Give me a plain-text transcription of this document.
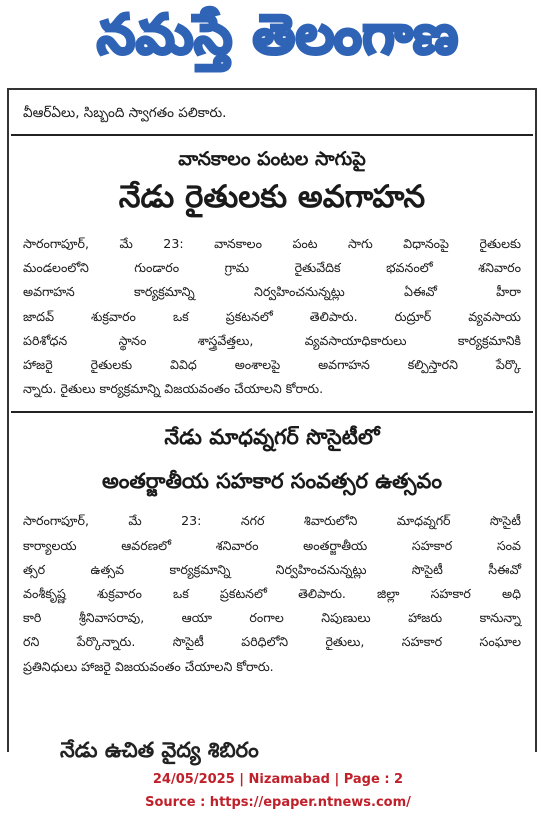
నమస్తే తెలంగాణ

వీఆర్ఏలు, సిబ్బంది స్వాగతం పలికారు.

వానకాలం పంటల సాగుపై
నేడు రైతులకు అవగాహన

సారంగాపూర్, మే 23: వానకాలం పంట సాగు విధానంపై రైతులకు

మండలంలోని గుండారం గ్రామ రైతువేదిక భవనంలో శనివారం

అవగాహన కార్యక్రమాన్ని నిర్వహించనున్నట్లు ఏఈవో హీరా

జాదవ్ శుక్రవారం ఒక ప్రకటనలో తెలిపారు. రుద్రూర్ వ్యవసాయ

పరిశోధన స్థానం శాస్త్రవేత్తలు, వ్యవసాయాధికారులు కార్యక్రమానికి

హాజరై రైతులకు వివిధ అంశాలపై అవగాహన కల్పిస్తారని పేర్కొ

న్నారు. రైతులు కార్యక్రమాన్ని విజయవంతం చేయాలని కోరారు.

నేడు మాధవ్నగర్ సొసైటీలో
అంతర్జాతీయ సహకార సంవత్సర ఉత్సవం

సారంగాపూర్, మే 23: నగర శివారులోని మాధవ్నగర్ సొసైటీ

కార్యాలయ ఆవరణలో శనివారం అంతర్జాతీయ సహకార సంవ

త్సర ఉత్సవ కార్యక్రమాన్ని నిర్వహించనున్నట్లు సొసైటీ సీఈవో

వంశీకృష్ణ శుక్రవారం ఒక ప్రకటనలో తెలిపారు. జిల్లా సహకార అధి

కారి శ్రీనివాసరావు, ఆయా రంగాల నిపుణులు హాజరు కానున్నా

రని పేర్కొన్నారు. సొసైటీ పరిధిలోని రైతులు, సహకార సంఘాల

ప్రతినిధులు హాజరై విజయవంతం చేయాలని కోరారు.

నేడు ఉచిత వైద్య శిబిరం
24/05/2025 | Nizamabad | Page : 2
Source : https://epaper.ntnews.com/
